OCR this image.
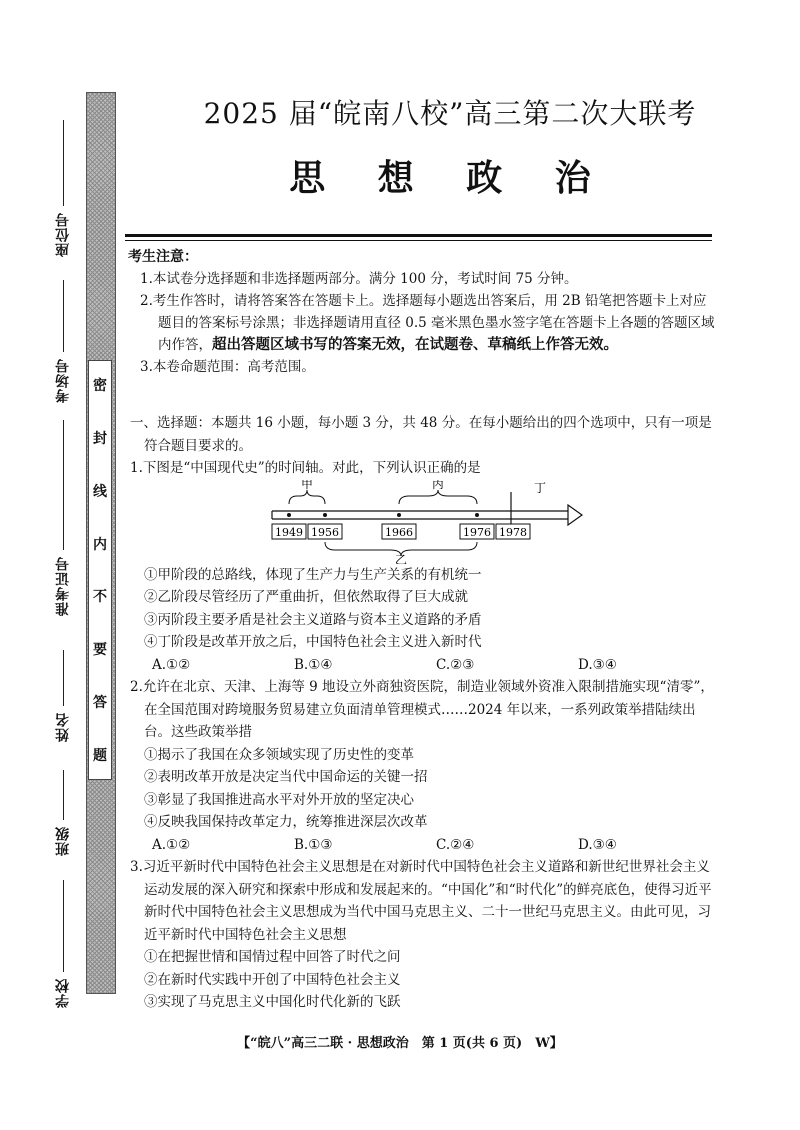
密
封
线
内
不
要
答
题
座位号
考场号
准考证号
姓名
班级
学校
2025 届“皖南八校”高三第二次大联考
思 想 政 治
考生注意：
1.本试卷分选择题和非选择题两部分。满分 100 分，考试时间 75 分钟。
2.考生作答时，请将答案答在答题卡上。选择题每小题选出答案后，用 2B 铅笔把答题卡上对应题目的答案标号涂黑；非选择题请用直径 0.5 毫米黑色墨水签字笔在答题卡上各题的答题区域内作答，超出答题区域书写的答案无效，在试题卷、草稿纸上作答无效。
3.本卷命题范围：高考范围。
一、选择题：本题共 16 小题，每小题 3 分，共 48 分。在每小题给出的四个选项中，只有一项是符合题目要求的。
1.下图是“中国现代史”的时间轴。对此，下列认识正确的是
1949 1956	1966	1976 1978
甲	丙	丁
乙
①甲阶段的总路线，体现了生产力与生产关系的有机统一
②乙阶段尽管经历了严重曲折，但依然取得了巨大成就
③丙阶段主要矛盾是社会主义道路与资本主义道路的矛盾
④丁阶段是改革开放之后，中国特色社会主义进入新时代
A.①②	B.①④	C.②③	D.③④
2.允许在北京、天津、上海等 9 地设立外商独资医院，制造业领域外资准入限制措施实现“清零”，在全国范围对跨境服务贸易建立负面清单管理模式……2024 年以来，一系列政策举措陆续出台。这些政策举措
①揭示了我国在众多领域实现了历史性的变革
②表明改革开放是决定当代中国命运的关键一招
③彰显了我国推进高水平对外开放的坚定决心
④反映我国保持改革定力，统筹推进深层次改革
A.①②	B.①③	C.②④	D.③④
3.习近平新时代中国特色社会主义思想是在对新时代中国特色社会主义道路和新世纪世界社会主义运动发展的深入研究和探索中形成和发展起来的。“中国化”和“时代化”的鲜亮底色，使得习近平新时代中国特色社会主义思想成为当代中国马克思主义、二十一世纪马克思主义。由此可见，习近平新时代中国特色社会主义思想
①在把握世情和国情过程中回答了时代之问
②在新时代实践中开创了中国特色社会主义
③实现了马克思主义中国化时代化新的飞跃
【“皖八”高三二联 · 思想政治　第 1 页(共 6 页)　W】
